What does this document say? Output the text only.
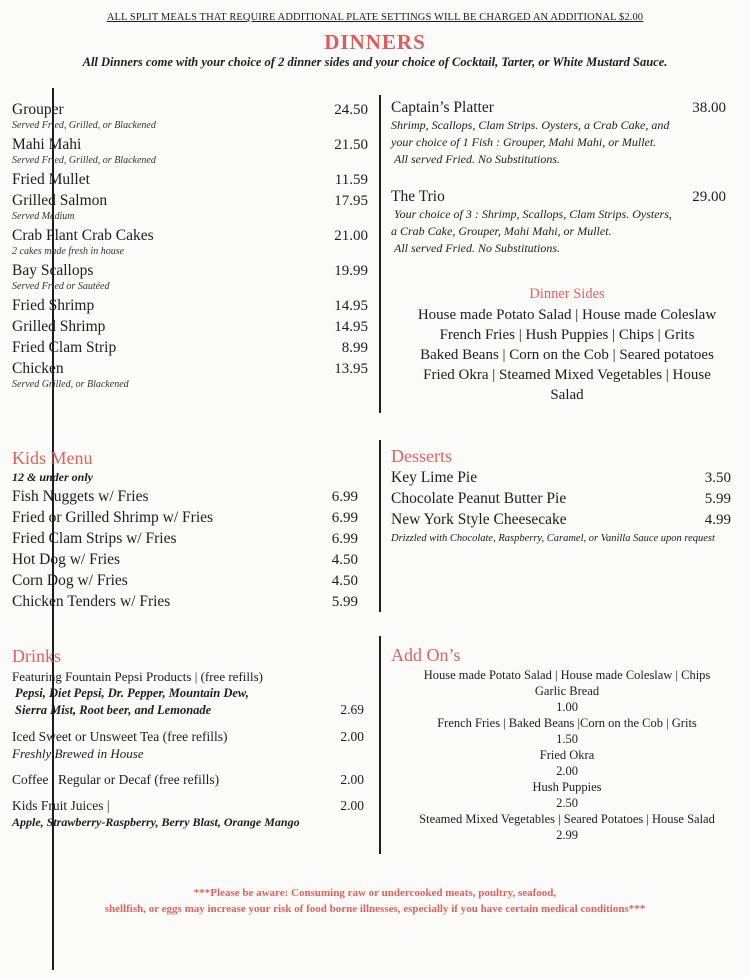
ALL SPLIT MEALS THAT REQUIRE ADDITIONAL PLATE SETTINGS WILL BE CHARGED AN ADDITIONAL $2.00
DINNERS
All Dinners come with your choice of 2 dinner sides and your choice of Cocktail, Tarter, or White Mustard Sauce.
Grouper	24.50
Served Fried, Grilled, or Blackened
Mahi Mahi	21.50
Served Fried, Grilled, or Blackened
Fried Mullet	11.59
Grilled Salmon	17.95
Served Medium
Crab Plant Crab Cakes	21.00
2 cakes made fresh in house
Bay Scallops	19.99
Served Fried or Sautéed
Fried Shrimp	14.95
Grilled Shrimp	14.95
Fried Clam Strip	8.99
Chicken	13.95
Served Grilled, or Blackened
Captain’s Platter	38.00
Shrimp, Scallops, Clam Strips. Oysters, a Crab Cake, and
your choice of 1 Fish : Grouper, Mahi Mahi, or Mullet.
All served Fried. No Substitutions.
The Trio	29.00
Your choice of 3 : Shrimp, Scallops, Clam Strips. Oysters,
a Crab Cake, Grouper, Mahi Mahi, or Mullet.
All served Fried. No Substitutions.
Dinner Sides
House made Potato Salad | House made Coleslaw
French Fries | Hush Puppies | Chips | Grits
Baked Beans | Corn on the Cob | Seared potatoes
Fried Okra | Steamed Mixed Vegetables | House
Salad
Kids Menu
12 & under only
Fish Nuggets w/ Fries	6.99
Fried or Grilled Shrimp w/ Fries	6.99
Fried Clam Strips w/ Fries	6.99
Hot Dog w/ Fries	4.50
Corn Dog w/ Fries	4.50
Chicken Tenders w/ Fries	5.99
Desserts
Key Lime Pie	3.50
Chocolate Peanut Butter Pie	5.99
New York Style Cheesecake	4.99
Drizzled with Chocolate, Raspberry, Caramel, or Vanilla Sauce upon request
Drinks
Featuring Fountain Pepsi Products | (free refills)
Pepsi, Diet Pepsi, Dr. Pepper, Mountain Dew,
Sierra Mist, Root beer, and Lemonade	2.69
Iced Sweet or Unsweet Tea (free refills)	2.00
Freshly Brewed in House
Coffee | Regular or Decaf (free refills)	2.00
Kids Fruit Juices |	2.00
Apple, Strawberry-Raspberry, Berry Blast, Orange Mango
Add On’s
House made Potato Salad | House made Coleslaw | Chips
Garlic Bread
1.00
French Fries | Baked Beans |Corn on the Cob | Grits
1.50
Fried Okra
2.00
Hush Puppies
2.50
Steamed Mixed Vegetables | Seared Potatoes | House Salad
2.99
***Please be aware: Consuming raw or undercooked meats, poultry, seafood,
shellfish, or eggs may increase your risk of food borne illnesses, especially if you have certain medical conditions***
